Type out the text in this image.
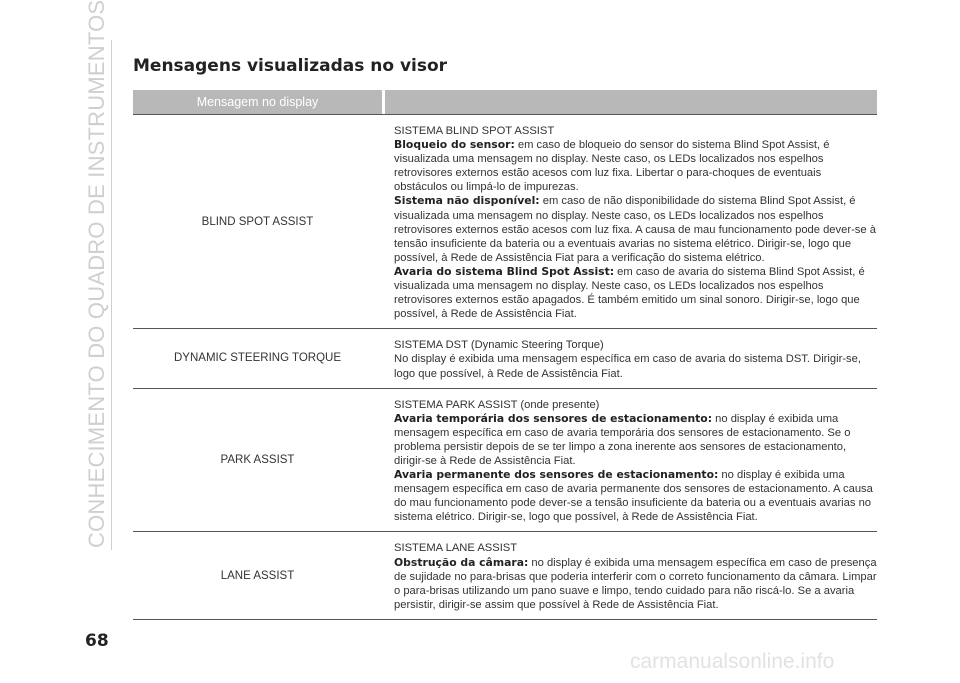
CONHECIMENTO DO QUADRO DE INSTRUMENTOS Mensagens visualizadas no visor
Mensagem no display
BLIND SPOT ASSIST

SISTEMA BLIND SPOT ASSIST

Bloqueio do sensor: em caso de bloqueio do sensor do sistema Blind Spot Assist, é visualizada uma mensagem no display. Neste caso, os LEDs localizados nos espelhos retrovisores externos estão acesos com luz fixa. Libertar o para-choques de eventuais obstáculos ou limpá-lo de impurezas.

Sistema não disponível: em caso de não disponibilidade do sistema Blind Spot Assist, é visualizada uma mensagem no display. Neste caso, os LEDs localizados nos espelhos retrovisores externos estão acesos com luz fixa. A causa de mau funcionamento pode dever-se à tensão insuficiente da bateria ou a eventuais avarias no sistema elétrico. Dirigir-se, logo que possível, à Rede de Assistência Fiat para a verificação do sistema elétrico.

Avaria do sistema Blind Spot Assist: em caso de avaria do sistema Blind Spot Assist, é visualizada uma mensagem no display. Neste caso, os LEDs localizados nos espelhos retrovisores externos estão apagados. É também emitido um sinal sonoro. Dirigir-se, logo que possível, à Rede de Assistência Fiat.

DYNAMIC STEERING TORQUE

SISTEMA DST (Dynamic Steering Torque)

No display é exibida uma mensagem específica em caso de avaria do sistema DST. Dirigir-se, logo que possível, à Rede de Assistência Fiat.

PARK ASSIST

SISTEMA PARK ASSIST (onde presente)

Avaria temporária dos sensores de estacionamento: no display é exibida uma mensagem específica em caso de avaria temporária dos sensores de estacionamento. Se o problema persistir depois de se ter limpo a zona inerente aos sensores de estacionamento, dirigir-se à Rede de Assistência Fiat.

Avaria permanente dos sensores de estacionamento: no display é exibida uma mensagem específica em caso de avaria permanente dos sensores de estacionamento. A causa do mau funcionamento pode dever-se a tensão insuficiente da bateria ou a eventuais avarias no sistema elétrico. Dirigir-se, logo que possível, à Rede de Assistência Fiat.

LANE ASSIST

SISTEMA LANE ASSIST

Obstrução da câmara: no display é exibida uma mensagem específica em caso de presença de sujidade no para-brisas que poderia interferir com o correto funcionamento da câmara. Limpar o para-brisas utilizando um pano suave e limpo, tendo cuidado para não riscá-lo. Se a avaria persistir, dirigir-se assim que possível à Rede de Assistência Fiat.

68
carmanualsonline.info
